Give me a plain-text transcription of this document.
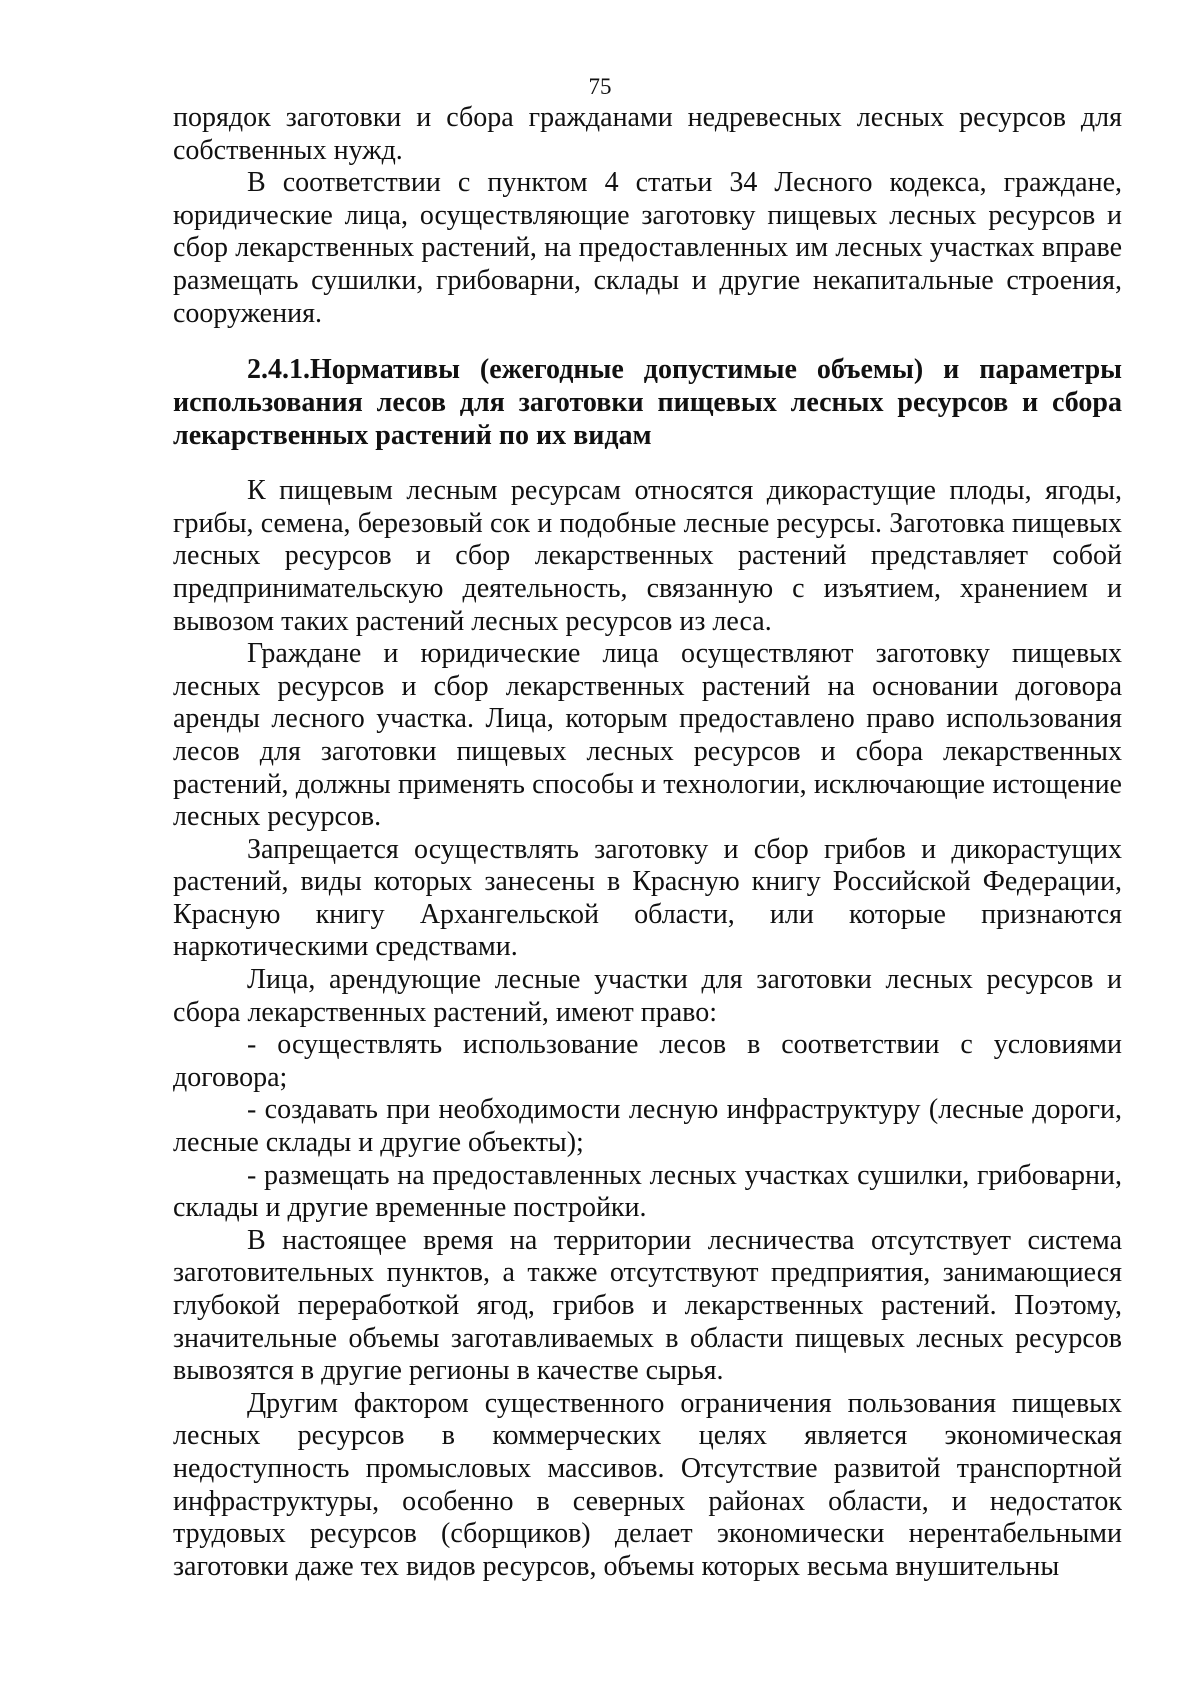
75

порядок заготовки и сбора гражданами недревесных лесных ресурсов для собственных нужд.

В соответствии с пунктом 4 статьи 34 Лесного кодекса, граждане, юридические лица, осуществляющие заготовку пищевых лесных ресурсов и сбор лекарственных растений, на предоставленных им лесных участках вправе размещать сушилки, грибоварни, склады и другие некапитальные строения, сооружения.

2.4.1.Нормативы (ежегодные допустимые объемы) и параметры использования лесов для заготовки пищевых лесных ресурсов и сбора лекарственных растений по их видам

К пищевым лесным ресурсам относятся дикорастущие плоды, ягоды, грибы, семена, березовый сок и подобные лесные ресурсы. Заготовка пищевых лесных ресурсов и сбор лекарственных растений представляет собой предпринимательскую деятельность, связанную с изъятием, хранением и вывозом таких растений лесных ресурсов из леса.

Граждане и юридические лица осуществляют заготовку пищевых лесных ресурсов и сбор лекарственных растений на основании договора аренды лесного участка. Лица, которым предоставлено право использования лесов для заготовки пищевых лесных ресурсов и сбора лекарственных растений, должны применять способы и технологии, исключающие истощение лесных ресурсов.

Запрещается осуществлять заготовку и сбор грибов и дикорастущих растений, виды которых занесены в Красную книгу Российской Федерации, Красную книгу Архангельской области, или которые признаются наркотическими средствами.

Лица, арендующие лесные участки для заготовки лесных ресурсов и сбора лекарственных растений, имеют право:

- осуществлять использование лесов в соответствии с условиями договора;

- создавать при необходимости лесную инфраструктуру (лесные дороги, лесные склады и другие объекты);

- размещать на предоставленных лесных участках сушилки, грибоварни, склады и другие временные постройки.

В настоящее время на территории лесничества отсутствует система заготовительных пунктов, а также отсутствуют предприятия, занимающиеся глубокой переработкой ягод, грибов и лекарственных растений. Поэтому, значительные объемы заготавливаемых в области пищевых лесных ресурсов вывозятся в другие регионы в качестве сырья.

Другим фактором существенного ограничения пользования пищевых лесных ресурсов в коммерческих целях является экономическая недоступность промысловых массивов. Отсутствие развитой транспортной инфраструктуры, особенно в северных районах области, и недостаток трудовых ресурсов (сборщиков) делает экономически нерентабельными заготовки даже тех видов ресурсов, объемы которых весьма внушительны
